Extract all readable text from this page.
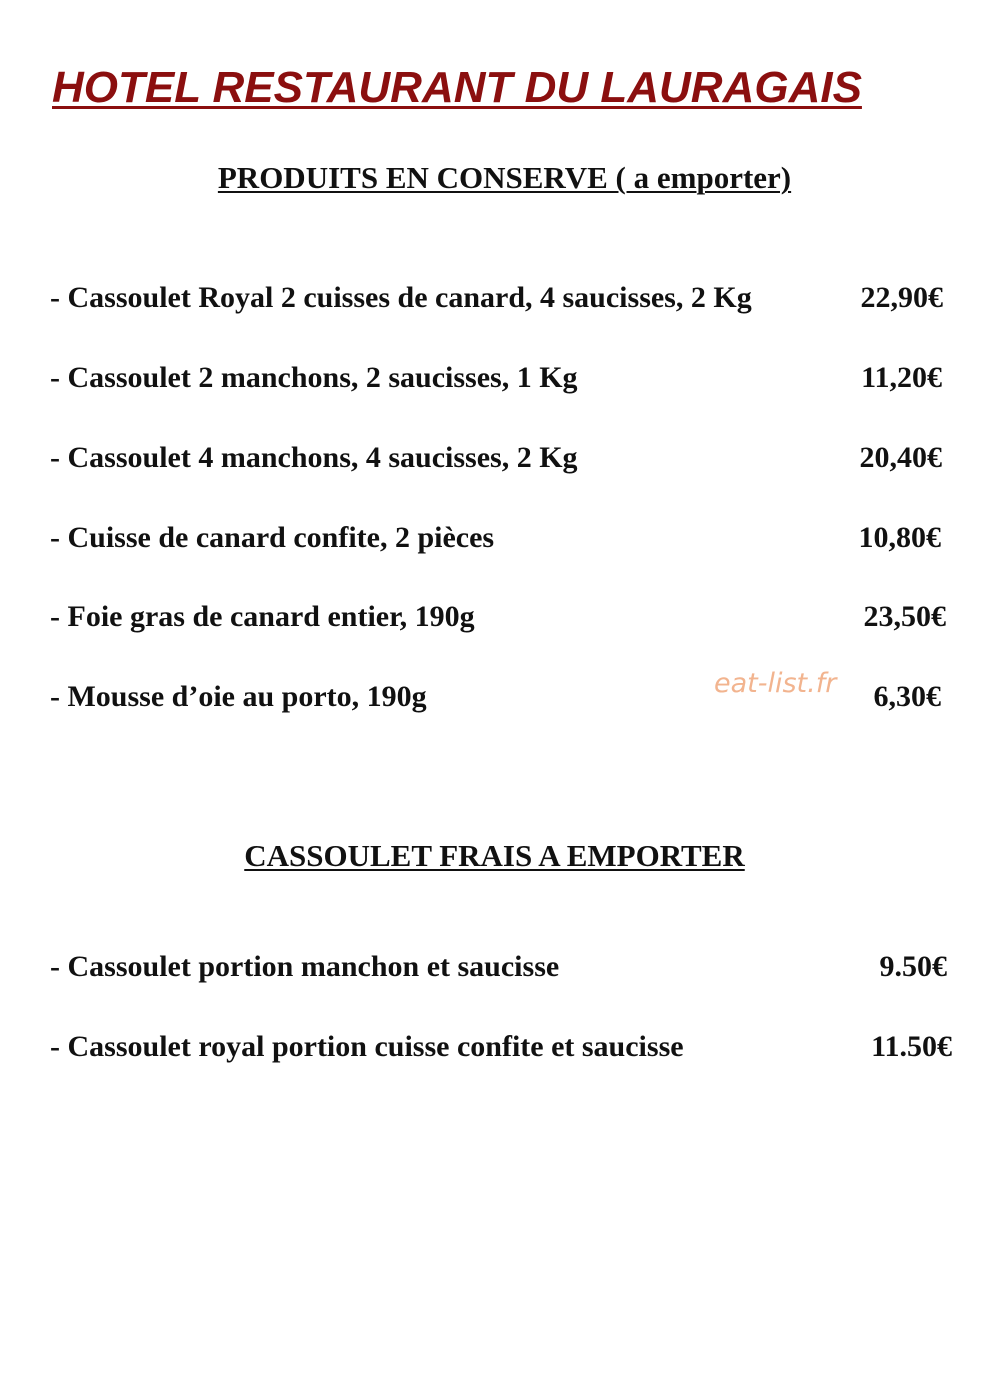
HOTEL RESTAURANT DU LAURAGAIS
PRODUITS EN CONSERVE ( a emporter)
- Cassoulet Royal 2 cuisses de canard, 4 saucisses, 2 Kg	22,90€
- Cassoulet 2 manchons, 2 saucisses, 1 Kg	11,20€
- Cassoulet 4 manchons, 4 saucisses, 2 Kg	20,40€
- Cuisse de canard confite, 2 pièces	10,80€
- Foie gras de canard entier, 190g	23,50€
- Mousse d’oie au porto, 190g	6,30€
eat-list.fr
CASSOULET FRAIS A EMPORTER
- Cassoulet portion manchon et saucisse	9.50€
- Cassoulet royal portion cuisse confite et saucisse	11.50€
